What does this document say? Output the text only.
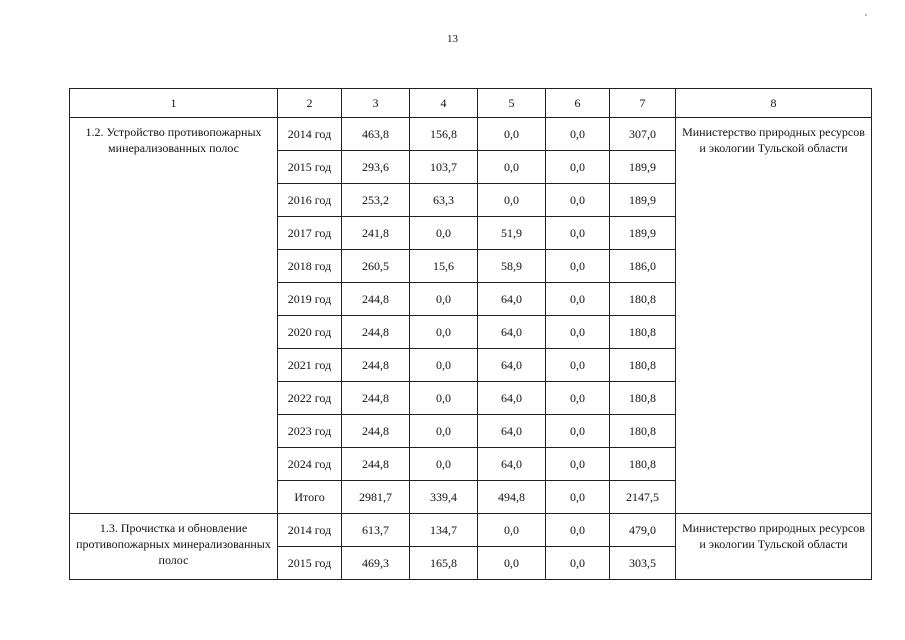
13
1	2	3	4	5	6	7	8
1.2. Устройство противопожарных минерализованных полос	2014 год	463,8	156,8	0,0	0,0	307,0	Министерство природных ресурсов и экологии Тульской области
	2015 год	293,6	103,7	0,0	0,0	189,9	
	2016 год	253,2	63,3	0,0	0,0	189,9	
	2017 год	241,8	0,0	51,9	0,0	189,9	
	2018 год	260,5	15,6	58,9	0,0	186,0	
	2019 год	244,8	0,0	64,0	0,0	180,8	
	2020 год	244,8	0,0	64,0	0,0	180,8	
	2021 год	244,8	0,0	64,0	0,0	180,8	
	2022 год	244,8	0,0	64,0	0,0	180,8	
	2023 год	244,8	0,0	64,0	0,0	180,8	
	2024 год	244,8	0,0	64,0	0,0	180,8	
	Итого	2981,7	339,4	494,8	0,0	2147,5	
1.3. Прочистка и обновление противопожарных минерализованных полос	2014 год	613,7	134,7	0,0	0,0	479,0	Министерство природных ресурсов и экологии Тульской области
	2015 год	469,3	165,8	0,0	0,0	303,5	
